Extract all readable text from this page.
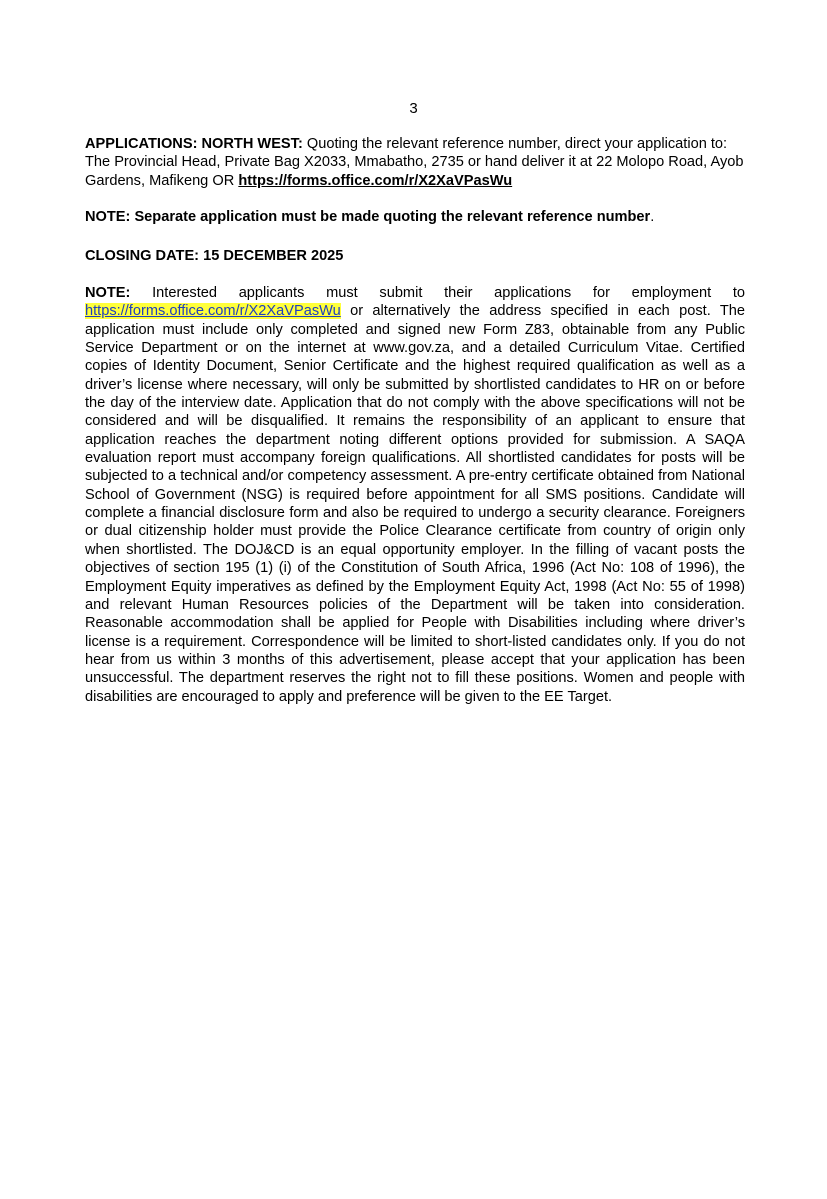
3
APPLICATIONS: NORTH WEST: Quoting the relevant reference number, direct your application to: The Provincial Head, Private Bag X2033, Mmabatho, 2735 or hand deliver it at 22 Molopo Road, Ayob Gardens, Mafikeng OR https://forms.office.com/r/X2XaVPasWu
NOTE: Separate application must be made quoting the relevant reference number.
CLOSING DATE: 15 DECEMBER 2025
NOTE: Interested applicants must submit their applications for employment to https://forms.office.com/r/X2XaVPasWu or alternatively the address specified in each post. The application must include only completed and signed new Form Z83, obtainable from any Public Service Department or on the internet at www.gov.za, and a detailed Curriculum Vitae. Certified copies of Identity Document, Senior Certificate and the highest required qualification as well as a driver’s license where necessary, will only be submitted by shortlisted candidates to HR on or before the day of the interview date. Application that do not comply with the above specifications will not be considered and will be disqualified. It remains the responsibility of an applicant to ensure that application reaches the department noting different options provided for submission. A SAQA evaluation report must accompany foreign qualifications. All shortlisted candidates for posts will be subjected to a technical and/or competency assessment. A pre-entry certificate obtained from National School of Government (NSG) is required before appointment for all SMS positions. Candidate will complete a financial disclosure form and also be required to undergo a security clearance. Foreigners or dual citizenship holder must provide the Police Clearance certificate from country of origin only when shortlisted. The DOJ&CD is an equal opportunity employer. In the filling of vacant posts the objectives of section 195 (1) (i) of the Constitution of South Africa, 1996 (Act No: 108 of 1996), the Employment Equity imperatives as defined by the Employment Equity Act, 1998 (Act No: 55 of 1998) and relevant Human Resources policies of the Department will be taken into consideration. Reasonable accommodation shall be applied for People with Disabilities including where driver’s license is a requirement. Correspondence will be limited to short-listed candidates only. If you do not hear from us within 3 months of this advertisement, please accept that your application has been unsuccessful. The department reserves the right not to fill these positions. Women and people with disabilities are encouraged to apply and preference will be given to the EE Target.
